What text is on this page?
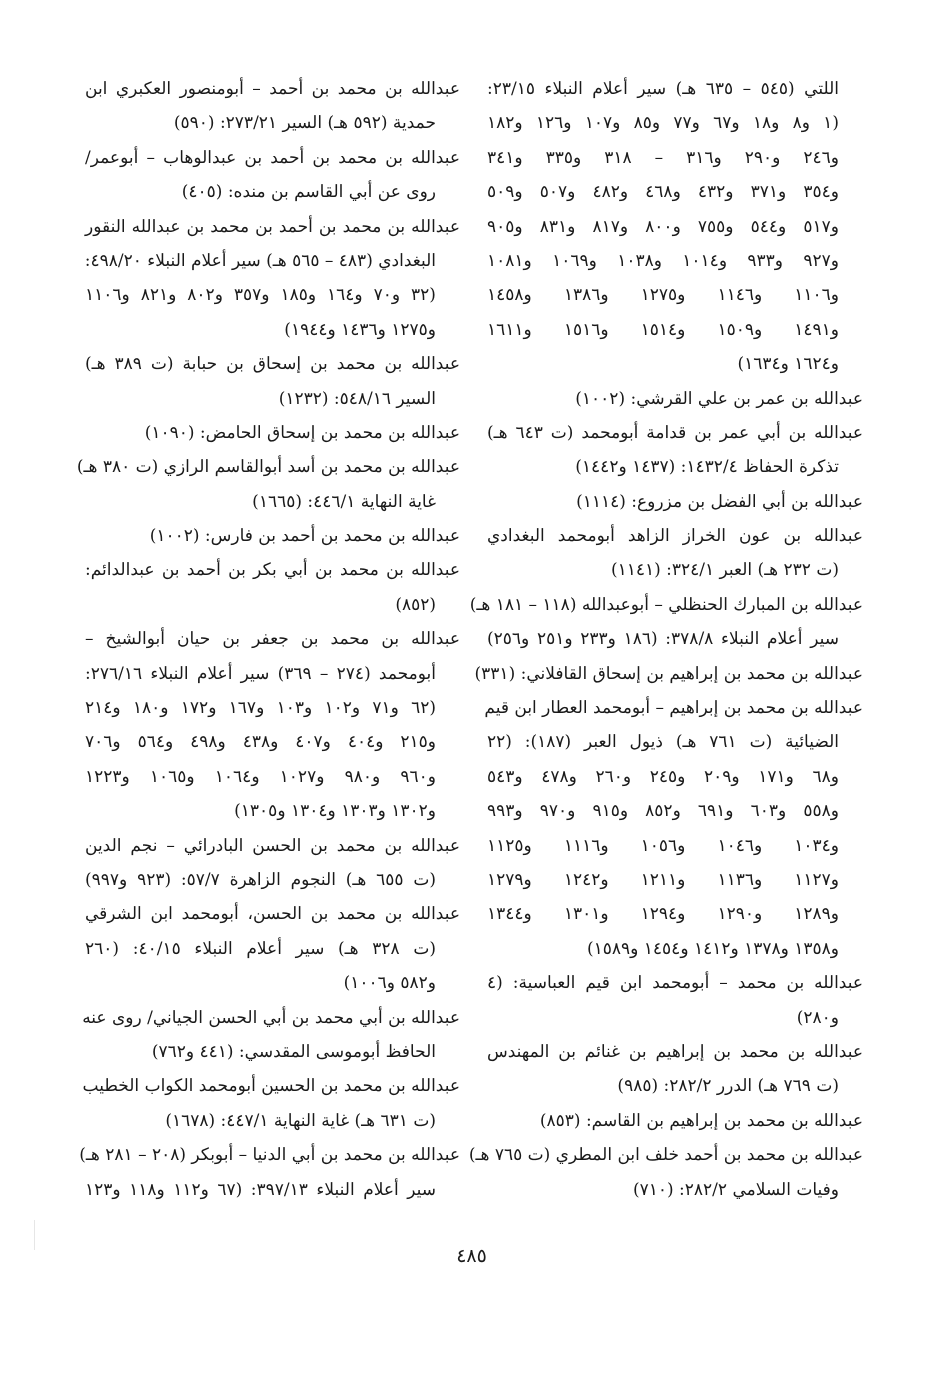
اللتي (٥٤٥ – ٦٣٥ هـ) سير أعلام النبلاء ٢٣/١٥:
(١ و٨ و١٨ و٦٧ و٧٧ و٨٥ و١٠٧ و١٢٦ و١٨٢
و٢٤٦ و٢٩٠ و٣١٦ – ٣١٨ و٣٣٥ و٣٤١
و٣٥٤ و٣٧١ و٤٣٢ و٤٦٨ و٤٨٢ و٥٠٧ و٥٠٩
و٥١٧ و٥٤٤ و٧٥٥ و٨٠٠ و٨١٧ و٨٣١ و٩٠٥
و٩٢٧ و٩٣٣ و١٠١٤ و١٠٣٨ و١٠٦٩ و١٠٨١
و١١٠٦ و١١٤٦ و١٢٧٥ و١٣٨٦ و١٤٥٨
و١٤٩١ و١٥٠٩ و١٥١٤ و١٥١٦ و١٦١١
و١٦٢٤ و١٦٣٤)
عبدالله بن عمر بن علي القرشي: (١٠٠٢)
عبدالله بن أبي عمر بن قدامة أبومحمد (ت ٦٤٣ هـ)
تذكرة الحفاظ ١٤٣٢/٤: (١٤٣٧ و١٤٤٢)
عبدالله بن أبي الفضل بن مزروع: (١١١٤)
عبدالله بن عون الخراز الزاهد أبومحمد البغدادي
(ت ٢٣٢ هـ) العبر ٣٢٤/١: (١١٤١)
عبدالله بن المبارك الحنظلي – أبوعبدالله (١١٨ – ١٨١ هـ)
سير أعلام النبلاء ٣٧٨/٨: (١٨٦ و٢٣٣ و٢٥١ و٢٥٦)
عبدالله بن محمد بن إبراهيم بن إسحاق القافلاني: (٣٣١)
عبدالله بن محمد بن إبراهيم – أبومحمد العطار ابن قيم
الضيائية (ت ٧٦١ هـ) ذيول العبر (١٨٧): (٢٢
و٦٨ و١٧١ و٢٠٩ و٢٤٥ و٢٦٠ و٤٧٨ و٥٤٣
و٥٥٨ و٦٠٣ و٦٩١ و٨٥٢ و٩١٥ و٩٧٠ و٩٩٣
و١٠٣٤ و١٠٤٦ و١٠٥٦ و١١١٦ و١١٢٥
و١١٢٧ و١١٣٦ و١٢١١ و١٢٤٢ و١٢٧٩
و١٢٨٩ و١٢٩٠ و١٢٩٤ و١٣٠١ و١٣٤٤
و١٣٥٨ و١٣٧٨ و١٤١٢ و١٤٥٤ و١٥٨٩)
عبدالله بن محمد – أبومحمد ابن قيم العباسية: (٤
و٢٨٠)
عبدالله بن محمد بن إبراهيم بن غنائم بن المهندس
(ت ٧٦٩ هـ) الدرر ٢٨٢/٢: (٩٨٥)
عبدالله بن محمد بن إبراهيم بن القاسم: (٨٥٣)
عبدالله بن محمد بن أحمد خلف ابن المطري (ت ٧٦٥ هـ)
وفيات السلامي ٢٨٢/٢: (٧١٠)
عبدالله بن محمد بن أحمد – أبومنصور العكبري ابن
حمدية (٥٩٢ هـ) السير ٢٧٣/٢١: (٥٩٠)
عبدالله بن محمد بن أحمد بن عبدالوهاب – أبوعمر/
روى عن أبي القاسم بن منده: (٤٠٥)
عبدالله بن محمد بن أحمد بن محمد بن عبدالله النقور
البغدادي (٤٨٣ – ٥٦٥ هـ) سير أعلام النبلاء ٤٩٨/٢٠:
(٣٢ و٧٠ و١٦٤ و١٨٥ و٣٥٧ و٨٠٢ و٨٢١ و١١٠٦
و١٢٧٥ و١٤٣٦ و١٩٤٤)
عبدالله بن محمد بن إسحاق بن حبابة (ت ٣٨٩ هـ)
السير ٥٤٨/١٦: (١٢٣٢)
عبدالله بن محمد بن إسحاق الحامض: (١٠٩٠)
عبدالله بن محمد بن أسد أبوالقاسم الرازي (ت ٣٨٠ هـ)
غاية النهاية ٤٤٦/١: (١٦٦٥)
عبدالله بن محمد بن أحمد بن فارس: (١٠٠٢)
عبدالله بن محمد بن أبي بكر بن أحمد بن عبدالدائم:
(٨٥٢)
عبدالله بن محمد بن جعفر بن حيان أبوالشيخ –
أبومحمد (٢٧٤ – ٣٦٩) سير أعلام النبلاء ٢٧٦/١٦:
(٦٢ و٧١ و١٠٢ و١٠٣ و١٦٧ و١٧٢ و١٨٠ و٢١٤
و٢١٥ و٤٠٤ و٤٠٧ و٤٣٨ و٤٩٨ و٥٦٤ و٧٠٦
و٩٦٠ و٩٨٠ و١٠٢٧ و١٠٦٤ و١٠٦٥ و١٢٢٣
و١٣٠٢ و١٣٠٣ و١٣٠٤ و١٣٠٥)
عبدالله بن محمد بن الحسن البادرائي – نجم الدين
(ت ٦٥٥ هـ) النجوم الزاهرة ٥٧/٧: (٩٢٣ و٩٩٧)
عبدالله بن محمد بن الحسن، أبومحمد ابن الشرقي
(ت ٣٢٨ هـ) سير أعلام النبلاء ٤٠/١٥: (٢٦٠
و٥٨٢ و١٠٠٦)
عبدالله بن أبي محمد بن أبي الحسن الجياني/ روى عنه
الحافظ أبوموسى المقدسي: (٤٤١ و٧٦٢)
عبدالله بن محمد بن الحسين أبومحمد الكواب الخطيب
(ت ٦٣١ هـ) غاية النهاية ٤٤٧/١: (١٦٧٨)
عبدالله بن محمد بن أبي الدنيا – أبوبكر (٢٠٨ – ٢٨١ هـ)
سير أعلام النبلاء ٣٩٧/١٣: (٦٧ و١١٢ و١١٨ و١٢٣
٤٨٥
